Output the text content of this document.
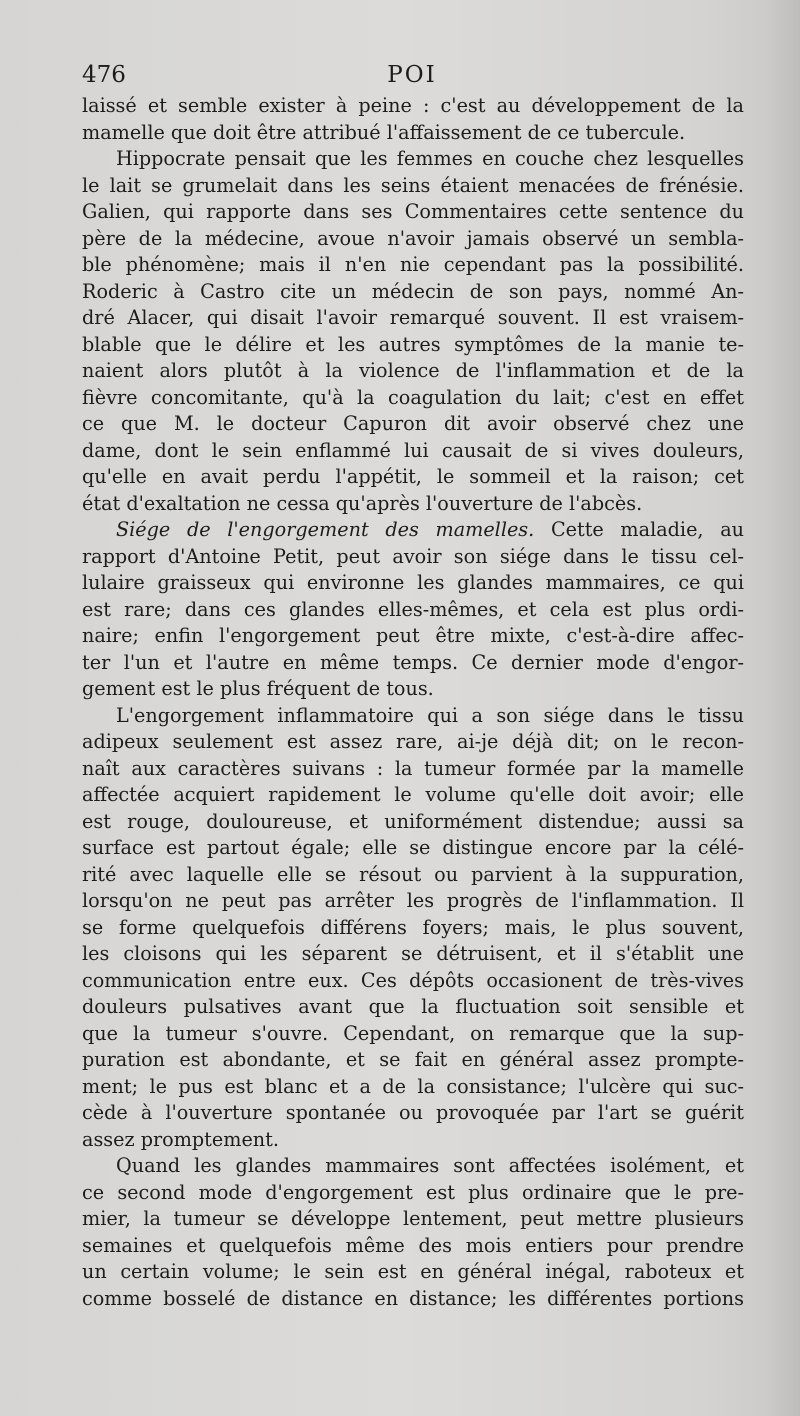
476	POI
laissé et semble exister à peine : c'est au développement de la
mamelle que doit être attribué l'affaissement de ce tubercule.
Hippocrate pensait que les femmes en couche chez lesquelles
le lait se grumelait dans les seins étaient menacées de frénésie.
Galien, qui rapporte dans ses Commentaires cette sentence du
père de la médecine, avoue n'avoir jamais observé un sembla-
ble phénomène; mais il n'en nie cependant pas la possibilité.
Roderic à Castro cite un médecin de son pays, nommé An-
dré Alacer, qui disait l'avoir remarqué souvent. Il est vraisem-
blable que le délire et les autres symptômes de la manie te-
naient alors plutôt à la violence de l'inflammation et de la
fièvre concomitante, qu'à la coagulation du lait; c'est en effet
ce que M. le docteur Capuron dit avoir observé chez une
dame, dont le sein enflammé lui causait de si vives douleurs,
qu'elle en avait perdu l'appétit, le sommeil et la raison; cet
état d'exaltation ne cessa qu'après l'ouverture de l'abcès.
Siége de l'engorgement des mamelles. Cette maladie, au
rapport d'Antoine Petit, peut avoir son siége dans le tissu cel-
lulaire graisseux qui environne les glandes mammaires, ce qui
est rare; dans ces glandes elles-mêmes, et cela est plus ordi-
naire; enfin l'engorgement peut être mixte, c'est-à-dire affec-
ter l'un et l'autre en même temps. Ce dernier mode d'engor-
gement est le plus fréquent de tous.
L'engorgement inflammatoire qui a son siége dans le tissu
adipeux seulement est assez rare, ai-je déjà dit; on le recon-
naît aux caractères suivans : la tumeur formée par la mamelle
affectée acquiert rapidement le volume qu'elle doit avoir; elle
est rouge, douloureuse, et uniformément distendue; aussi sa
surface est partout égale; elle se distingue encore par la célé-
rité avec laquelle elle se résout ou parvient à la suppuration,
lorsqu'on ne peut pas arrêter les progrès de l'inflammation. Il
se forme quelquefois différens foyers; mais, le plus souvent,
les cloisons qui les séparent se détruisent, et il s'établit une
communication entre eux. Ces dépôts occasionent de très-vives
douleurs pulsatives avant que la fluctuation soit sensible et
que la tumeur s'ouvre. Cependant, on remarque que la sup-
puration est abondante, et se fait en général assez prompte-
ment; le pus est blanc et a de la consistance; l'ulcère qui suc-
cède à l'ouverture spontanée ou provoquée par l'art se guérit
assez promptement.
Quand les glandes mammaires sont affectées isolément, et
ce second mode d'engorgement est plus ordinaire que le pre-
mier, la tumeur se développe lentement, peut mettre plusieurs
semaines et quelquefois même des mois entiers pour prendre
un certain volume; le sein est en général inégal, raboteux et
comme bosselé de distance en distance; les différentes portions
